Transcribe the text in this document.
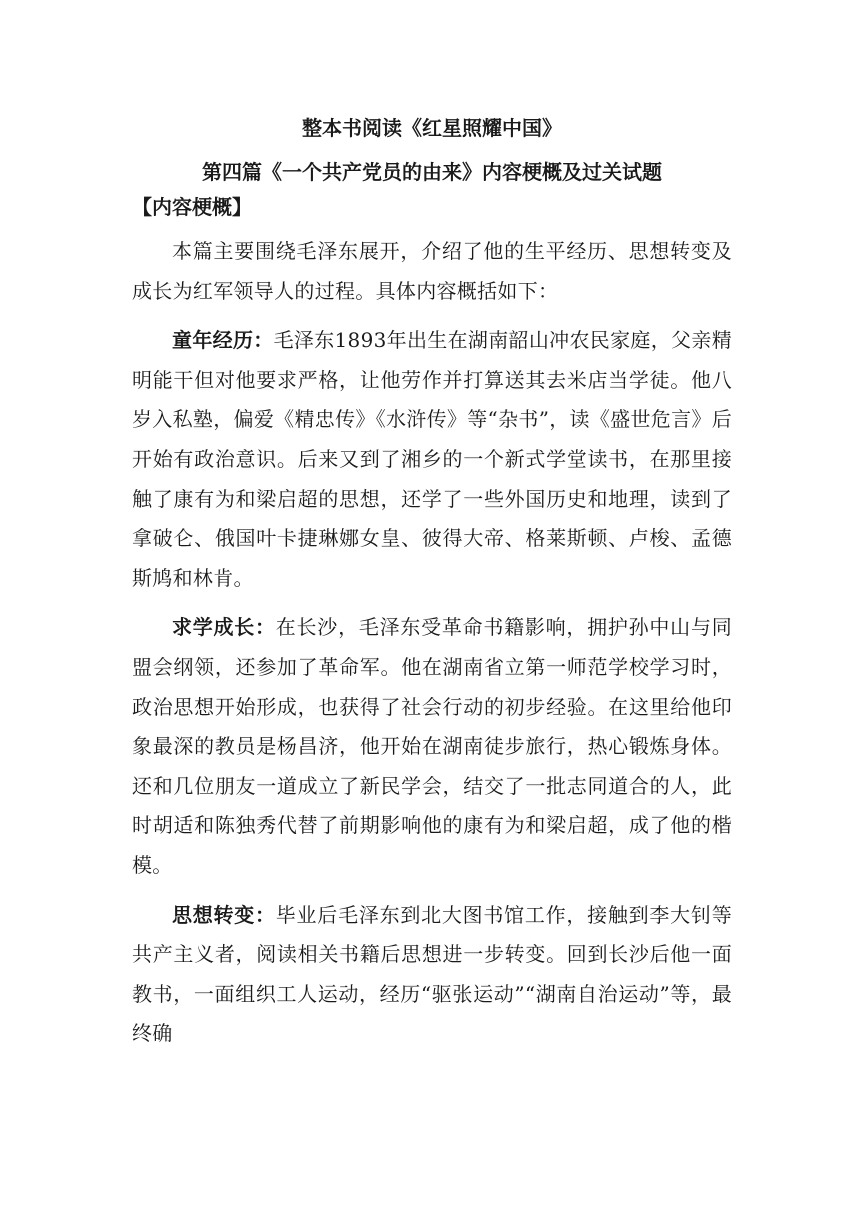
整本书阅读《红星照耀中国》
第四篇《一个共产党员的由来》内容梗概及过关试题
【内容梗概】

本篇主要围绕毛泽东展开，介绍了他的生平经历、思想转变及成长为红军领导人的过程。具体内容概括如下：

童年经历：毛泽东1893年出生在湖南韶山冲农民家庭，父亲精明能干但对他要求严格，让他劳作并打算送其去米店当学徒。他八岁入私塾，偏爱《精忠传》《水浒传》等“杂书”，读《盛世危言》后开始有政治意识。后来又到了湘乡的一个新式学堂读书，在那里接触了康有为和梁启超的思想，还学了一些外国历史和地理，读到了拿破仑、俄国叶卡捷琳娜女皇、彼得大帝、格莱斯顿、卢梭、孟德斯鸠和林肯。

求学成长：在长沙，毛泽东受革命书籍影响，拥护孙中山与同盟会纲领，还参加了革命军。他在湖南省立第一师范学校学习时，政治思想开始形成，也获得了社会行动的初步经验。在这里给他印象最深的教员是杨昌济，他开始在湖南徒步旅行，热心锻炼身体。还和几位朋友一道成立了新民学会，结交了一批志同道合的人，此时胡适和陈独秀代替了前期影响他的康有为和梁启超，成了他的楷模。

思想转变：毕业后毛泽东到北大图书馆工作，接触到李大钊等共产主义者，阅读相关书籍后思想进一步转变。回到长沙后他一面教书，一面组织工人运动，经历“驱张运动”“湖南自治运动”等，最终确
